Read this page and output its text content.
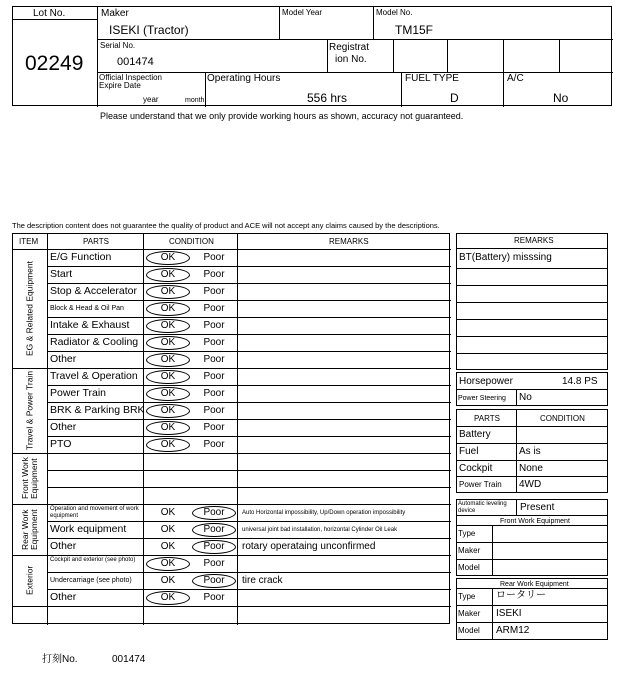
Lot No.
02249
Maker
ISEKI (Tractor)
Model Year	Model No.
TM15F
Serial No.
001474
Registrat
ion No.
Official Inspection
Expire Date
year	month
Operating Hours
556 hrs
FUEL TYPE
D
A/C
No
Please understand that we only provide working hours as shown, accuracy not guaranteed.
The description content does not guarantee the quality of product and ACE will not accept any claims caused by the descriptions.
ITEM	PARTS	CONDITION	REMARKS
E/G Function	OK	Poor
Start	OK	Poor
Stop & Accelerator	OK	Poor
Block & Head & Oil Pan	OK	Poor
Intake & Exhaust	OK	Poor
Radiator & Cooling	OK	Poor
Other	OK	Poor
EG & Related Equipment
Travel & Operation	OK	Poor
Power Train	OK	Poor
BRK & Parking BRK	OK	Poor
Other	OK	Poor
PTO	OK	Poor
Travel & Power Train
Front Work Equipment
Operation and movement of work equipment	OK	Poor	Auto Horizontal impossibility, Up/Down operation impossibility
Work equipment	OK	Poor	universal joint bad installation, horizontal Cylinder Oil Leak
Other	OK	Poor	rotary operataing unconfirmed
Rear Work Equipment
Cockpit and exterior (see photo)	OK	Poor
Undercarriage (see photo)	OK	Poor	tire crack
Other	OK	Poor
Exterior
REMARKS
BT(Battery) misssing
Horsepower	14.8 PS
Power Steering No
PARTS	CONDITION
Battery
Fuel	As is
Cockpit	None
Power Train 4WD
Automatic leveling device	Present
Front Work Equipment
Type
Maker
Model
Rear Work Equipment
Type ロータリー
Maker ISEKI
Model ARM12
打刻No.	001474
